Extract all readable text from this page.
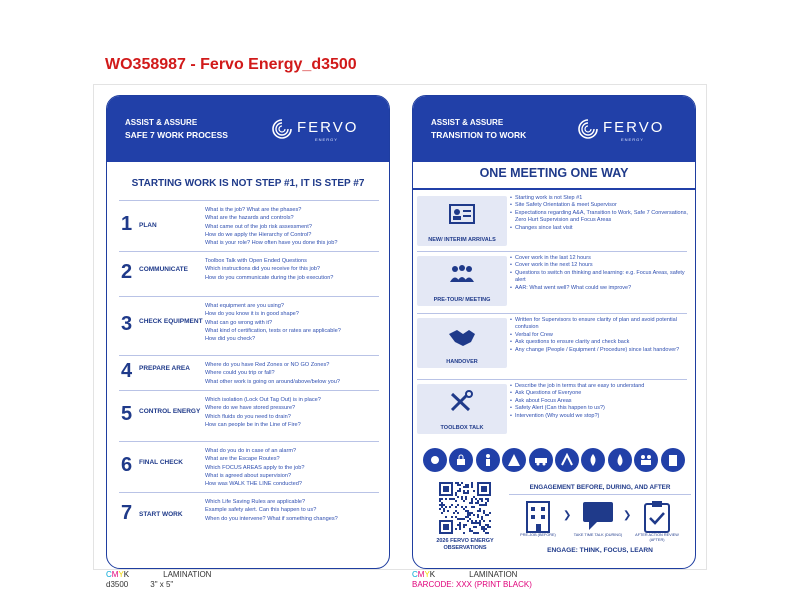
WO358987 - Fervo Energy_d3500
ASSIST & ASSURE
SAFE 7 WORK PROCESS	FERVO
ENERGY
STARTING WORK IS NOT STEP #1, IT IS STEP #7
1 PLAN
What is the job? What are the phases?
What are the hazards and controls?
What came out of the job risk assessment?
How do we apply the Hierarchy of Control?
What is your role? How often have you done this job?
2 COMMUNICATE
Toolbox Talk with Open Ended Questions
Which instructions did you receive for this job?
How do you communicate during the job execution?
3 CHECK EQUIPMENT
What equipment are you using?
How do you know it is in good shape?
What can go wrong with it?
What kind of certification, tests or rates are applicable?
How did you check?
4 PREPARE AREA	Where do you have Red Zones or NO GO Zones?
Where could you trip or fall?
What other work is going on around/above/below you?
5 CONTROL ENERGY
Which isolation (Lock Out Tag Out) is in place?
Where do we have stored pressure?
Which fluids do you need to drain?
How can people be in the Line of Fire?
6 FINAL CHECK
What do you do in case of an alarm?
What are the Escape Routes?
Which FOCUS AREAS apply to the job?
What is agreed about supervision?
How was WALK THE LINE conducted?
7 START WORK
Which Life Saving Rules are applicable?
Example safety alert. Can this happen to us?
When do you intervene? What if something changes?
ASSIST & ASSURE
TRANSITION TO WORK	FERVO
ENERGY
ONE MEETING ONE WAY
NEW/ INTERIM ARRIVALS
• Starting work is not Step #1
• Site Safety Orientation & meet Supervisor
• Expectations regarding A&A, Transition to Work, Safe 7 Conversations, Zero Hurt Supervision and Focus Areas
• Changes since last visit
PRE-TOUR/ MEETING
• Cover work in the last 12 hours
• Cover work in the next 12 hours
• Questions to switch on thinking and learning: e.g. Focus Areas, safety alert
• AAR: What went well? What could we improve?
HANDOVER
• Written for Supervisors to ensure clarity of plan and avoid potential confusion
• Verbal for Crew
• Ask questions to ensure clarity and check back
• Any change (People / Equipment / Procedure) since last handover?
TOOLBOX TALK
• Describe the job in terms that are easy to understand
• Ask Questions of Everyone
• Ask about Focus Areas
• Safety Alert (Can this happen to us?)
• Intervention (Why would we stop?)
2026 FERVO ENERGY OBSERVATIONS
ENGAGEMENT BEFORE, DURING, AND AFTER
❯	❯
PRE-JOB (BEFORE)	TAKE TIME TALK (DURING)	AFTER ACTION REVIEW (AFTER)
ENGAGE: THINK, FOCUS, LEARN
CMYK	LAMINATION
d3500	3" x 5"
CMYK	LAMINATION
BARCODE: XXX (PRINT BLACK)
